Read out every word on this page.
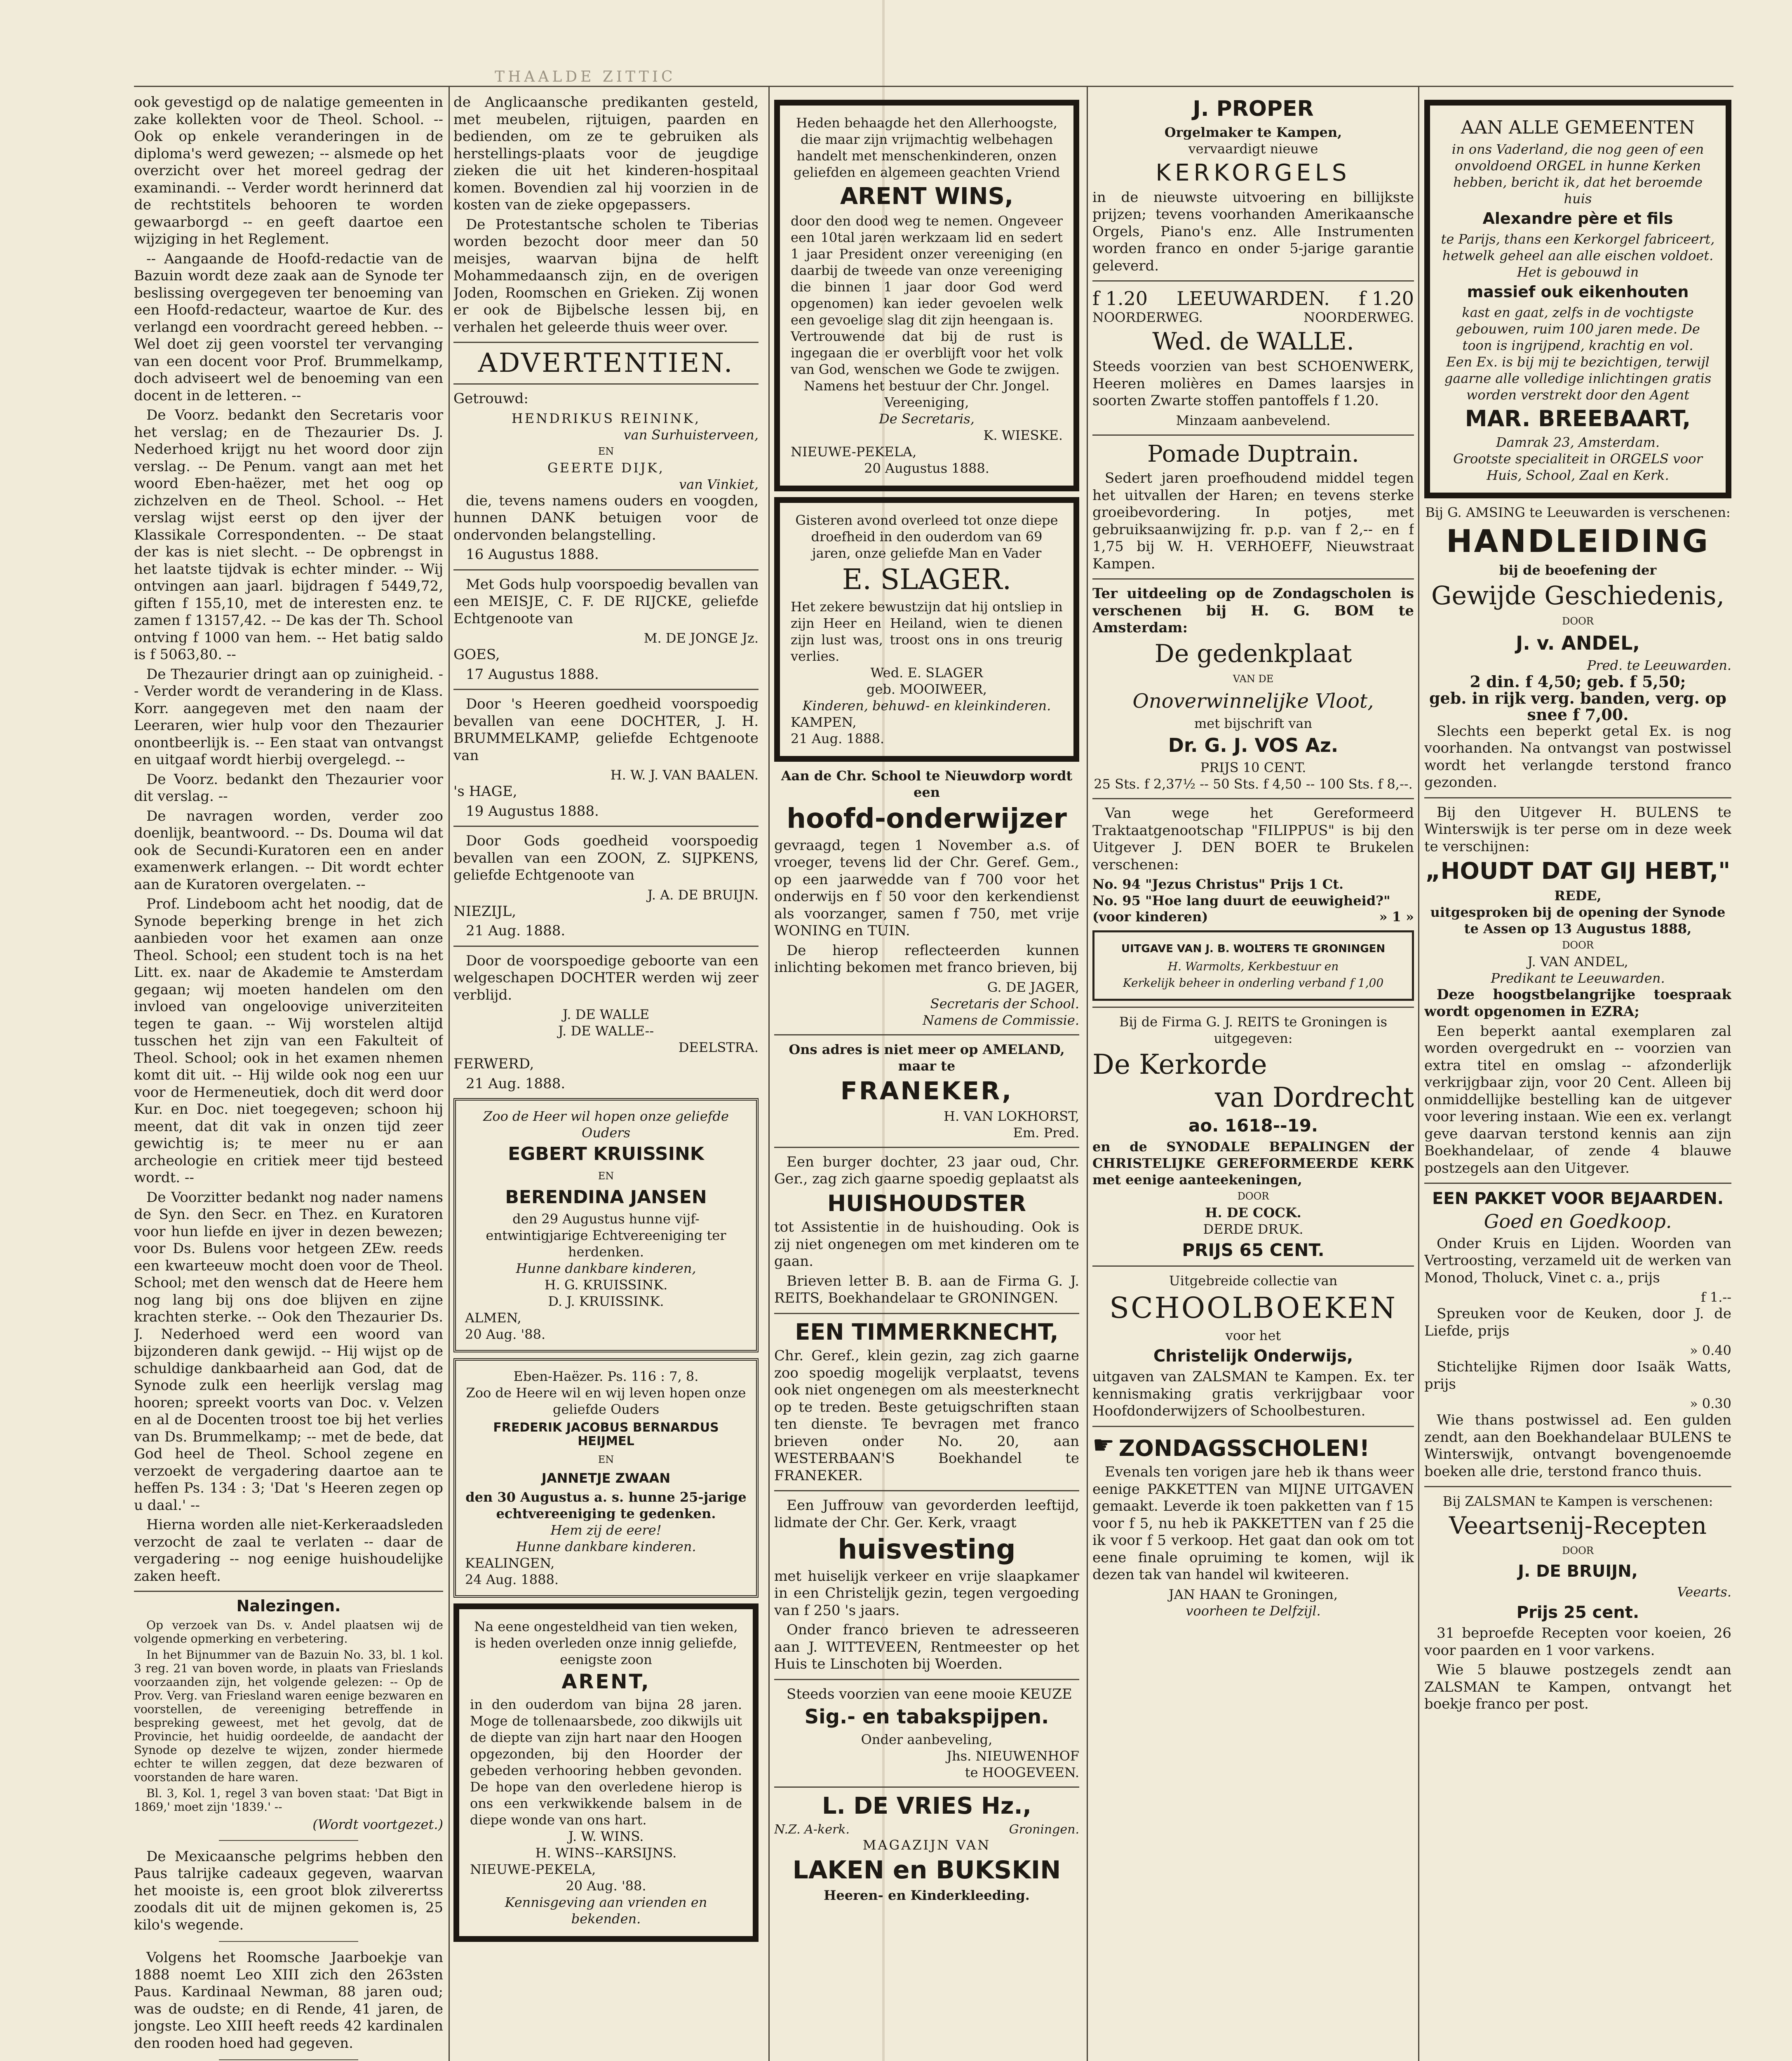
THAALDE ZITTIC

ook gevestigd op de nalatige gemeenten in zake kollekten voor de Theol. School. -- Ook op enkele veranderingen in de diploma's werd gewezen; -- alsmede op het overzicht over het moreel gedrag der examinandi. -- Verder wordt herinnerd dat de rechtstitels behooren te worden gewaarborgd -- en geeft daartoe een wijziging in het Reglement.

-- Aangaande de Hoofd-redactie van de Bazuin wordt deze zaak aan de Synode ter beslissing overgegeven ter benoeming van een Hoofd-redacteur, waartoe de Kur. des verlangd een voordracht gereed hebben. -- Wel doet zij geen voorstel ter vervanging van een docent voor Prof. Brummelkamp, doch adviseert wel de benoeming van een docent in de letteren. --

De Voorz. bedankt den Secretaris voor het verslag; en de Thezaurier Ds. J. Nederhoed krijgt nu het woord door zijn verslag. -- De Penum. vangt aan met het woord Eben-haëzer, met het oog op zichzelven en de Theol. School. -- Het verslag wijst eerst op den ijver der Klassikale Correspondenten. -- De staat der kas is niet slecht. -- De opbrengst in het laatste tijdvak is echter minder. -- Wij ontvingen aan jaarl. bijdragen f 5449,72, giften f 155,10, met de interesten enz. te zamen f 13157,42. -- De kas der Th. School ontving f 1000 van hem. -- Het batig saldo is f 5063,80. --

De Thezaurier dringt aan op zuinigheid. -- Verder wordt de verandering in de Klass. Korr. aangegeven met den naam der Leeraren, wier hulp voor den Thezaurier onontbeerlijk is. -- Een staat van ontvangst en uitgaaf wordt hierbij overgelegd. --

De Voorz. bedankt den Thezaurier voor dit verslag. --

De navragen worden, verder zoo doenlijk, beantwoord. -- Ds. Douma wil dat ook de Secundi-Kuratoren een en ander examenwerk erlangen. -- Dit wordt echter aan de Kuratoren overgelaten. --

Prof. Lindeboom acht het noodig, dat de Synode beperking brenge in het zich aanbieden voor het examen aan onze Theol. School; een student toch is na het Litt. ex. naar de Akademie te Amsterdam gegaan; wij moeten handelen om den invloed van ongeloovige univerziteiten tegen te gaan. -- Wij worstelen altijd tusschen het zijn van een Fakulteit of Theol. School; ook in het examen nhemen komt dit uit. -- Hij wilde ook nog een uur voor de Hermeneutiek, doch dit werd door Kur. en Doc. niet toegegeven; schoon hij meent, dat dit vak in onzen tijd zeer gewichtig is; te meer nu er aan archeologie en critiek meer tijd besteed wordt. --

De Voorzitter bedankt nog nader namens de Syn. den Secr. en Thez. en Kuratoren voor hun liefde en ijver in dezen bewezen; voor Ds. Bulens voor hetgeen ZEw. reeds een kwarteeuw mocht doen voor de Theol. School; met den wensch dat de Heere hem nog lang bij ons doe blijven en zijne krachten sterke. -- Ook den Thezaurier Ds. J. Nederhoed werd een woord van bijzonderen dank gewijd. -- Hij wijst op de schuldige dankbaarheid aan God, dat de Synode zulk een heerlijk verslag mag hooren; spreekt voorts van Doc. v. Velzen en al de Docenten troost toe bij het verlies van Ds. Brummelkamp; -- met de bede, dat God heel de Theol. School zegene en verzoekt de vergadering daartoe aan te heffen Ps. 134 : 3; 'Dat 's Heeren zegen op u daal.' --

Hierna worden alle niet-Kerkeraadsleden verzocht de zaal te verlaten -- daar de vergadering -- nog eenige huishoudelijke zaken heeft.

Nalezingen.

Op verzoek van Ds. v. Andel plaatsen wij de volgende opmerking en verbetering.

In het Bijnummer van de Bazuin No. 33, bl. 1 kol. 3 reg. 21 van boven worde, in plaats van Frieslands voorzaanden zijn, het volgende gelezen: -- Op de Prov. Verg. van Friesland waren eenige bezwaren en voorstellen, de vereeniging betreffende in bespreking geweest, met het gevolg, dat de Provincie, het huidig oordeelde, de aandacht der Synode op dezelve te wijzen, zonder hiermede echter te willen zeggen, dat deze bezwaren of voorstanden de hare waren.

Bl. 3, Kol. 1, regel 3 van boven staat: 'Dat Bigt in 1869,' moet zijn '1839.' --

(Wordt voortgezet.)

De Mexicaansche pelgrims hebben den Paus talrijke cadeaux gegeven, waarvan het mooiste is, een groot blok zilverertss zoodals dit uit de mijnen gekomen is, 25 kilo's wegende.

Volgens het Roomsche Jaarboekje van 1888 noemt Leo XIII zich den 263sten Paus. Kardinaal Newman, 88 jaren oud; was de oudste; en di Rende, 41 jaren, de jongste. Leo XIII heeft reeds 42 kardinalen den rooden hoed had gegeven.

de Anglicaansche predikanten gesteld, met meubelen, rijtuigen, paarden en bedienden, om ze te gebruiken als herstellings-plaats voor de jeugdige zieken die uit het kinderen-hospitaal komen. Bovendien zal hij voorzien in de kosten van de zieke opgepassers.

De Protestantsche scholen te Tiberias worden bezocht door meer dan 50 meisjes, waarvan bijna de helft Mohammedaansch zijn, en de overigen Joden, Roomschen en Grieken. Zij wonen er ook de Bijbelsche lessen bij, en verhalen het geleerde thuis weer over.

ADVERTENTIEN.

Getrouwd:

HENDRIKUS REININK,
van Surhuisterveen,
EN
GEERTE DIJK,
van Vinkiet,

die, tevens namens ouders en voogden, hunnen DANK betuigen voor de ondervonden belangstelling.

16 Augustus 1888.

Met Gods hulp voorspoedig bevallen van een MEISJE, C. F. DE RIJCKE, geliefde Echtgenoote van

M. DE JONGE Jz.

GOES,

17 Augustus 1888.

Door 's Heeren goedheid voorspoedig bevallen van eene DOCHTER, J. H. BRUMMELKAMP, geliefde Echtgenoote van

H. W. J. VAN BAALEN.

's HAGE,

19 Augustus 1888.

Door Gods goedheid voorspoedig bevallen van een ZOON, Z. SIJPKENS, geliefde Echtgenoote van

J. A. DE BRUIJN.

NIEZIJL,

21 Aug. 1888.

Door de voorspoedige geboorte van een welgeschapen DOCHTER werden wij zeer verblijd.

J. DE WALLE
J. DE WALLE--
DEELSTRA.

FERWERD,

21 Aug. 1888.

Zoo de Heer wil hopen onze geliefde Ouders
EGBERT KRUISSINK
EN
BERENDINA JANSEN
den 29 Augustus hunne vijf-entwintigjarige Echtvereeniging ter herdenken.
Hunne dankbare kinderen,
H. G. KRUISSINK.
D. J. KRUISSINK.
ALMEN,
20 Aug. '88.
Eben-Haëzer. Ps. 116 : 7, 8.
Zoo de Heere wil en wij leven hopen onze geliefde Ouders
FREDERIK JACOBUS BERNARDUS HEIJMEL
EN
JANNETJE ZWAAN
den 30 Augustus a. s. hunne 25-jarige echtvereeniging te gedenken.
Hem zij de eere!
Hunne dankbare kinderen.
KEALINGEN,
24 Aug. 1888.
Na eene ongesteldheid van tien weken, is heden overleden onze innig geliefde, eenigste zoon
ARENT,
in den ouderdom van bijna 28 jaren. Moge de tollenaarsbede, zoo dikwijls uit de diepte van zijn hart naar den Hoogen opgezonden, bij den Hoorder der gebeden verhooring hebben gevonden. De hope van den overledene hierop is ons een verkwikkende balsem in de diepe wonde van ons hart.
J. W. WINS.
H. WINS--KARSIJNS.
NIEUWE-PEKELA,
20 Aug. '88.
Kennisgeving aan vrienden en bekenden.
Heden behaagde het den Allerhoogste, die maar zijn vrijmachtig welbehagen handelt met menschenkinderen, onzen geliefden en algemeen geachten Vriend
ARENT WINS,
door den dood weg te nemen. Ongeveer een 10tal jaren werkzaam lid en sedert 1 jaar President onzer vereeniging (en daarbij de tweede van onze vereeniging die binnen 1 jaar door God werd opgenomen) kan ieder gevoelen welk een gevoelige slag dit zijn heengaan is.
Vertrouwende dat bij de rust is ingegaan die er overblijft voor het volk van God, wenschen we Gode te zwijgen.
Namens het bestuur der Chr. Jongel. Vereeniging,
De Secretaris,
K. WIESKE.
NIEUWE-PEKELA,
20 Augustus 1888.
Gisteren avond overleed tot onze diepe droefheid in den ouderdom van 69 jaren, onze geliefde Man en Vader
E. SLAGER.
Het zekere bewustzijn dat hij ontsliep in zijn Heer en Heiland, wien te dienen zijn lust was, troost ons in ons treurig verlies.
Wed. E. SLAGER
geb. MOOIWEER,
Kinderen, behuwd- en kleinkinderen.
KAMPEN,
21 Aug. 1888.
Aan de Chr. School te Nieuwdorp wordt een
hoofd-onderwijzer

gevraagd, tegen 1 November a.s. of vroeger, tevens lid der Chr. Geref. Gem., op een jaarwedde van f 700 voor het onderwijs en f 50 voor den kerkendienst als voorzanger, samen f 750, met vrije WONING en TUIN.

De hierop reflecteerden kunnen inlichting bekomen met franco brieven, bij

G. DE JAGER,
Secretaris der School.
Namens de Commissie.
Ons adres is niet meer op AMELAND, maar te
FRANEKER,
H. VAN LOKHORST,
Em. Pred.

Een burger dochter, 23 jaar oud, Chr. Ger., zag zich gaarne spoedig geplaatst als

HUISHOUDSTER

tot Assistentie in de huishouding. Ook is zij niet ongenegen om met kinderen om te gaan.

Brieven letter B. B. aan de Firma G. J. REITS, Boekhandelaar te GRONINGEN.

EEN TIMMERKNECHT,

Chr. Geref., klein gezin, zag zich gaarne zoo spoedig mogelijk verplaatst, tevens ook niet ongenegen om als meesterknecht op te treden. Beste getuigschriften staan ten dienste. Te bevragen met franco brieven onder No. 20, aan WESTERBAAN'S Boekhandel te FRANEKER.

Een Juffrouw van gevorderden leeftijd, lidmate der Chr. Ger. Kerk, vraagt

huisvesting

met huiselijk verkeer en vrije slaapkamer in een Christelijk gezin, tegen vergoeding van f 250 's jaars.

Onder franco brieven te adresseeren aan J. WITTEVEEN, Rentmeester op het Huis te Linschoten bij Woerden.

Steeds voorzien van eene mooie KEUZE

Sig.- en tabakspijpen.
Onder aanbeveling,
Jhs. NIEUWENHOF
te HOOGEVEEN.
L. DE VRIES Hz.,
N.Z. A-kerk.	Groningen.
MAGAZIJN VAN
LAKEN en BUKSKIN
Heeren- en Kinderkleeding.
J. PROPER
Orgelmaker te Kampen,
vervaardigt nieuwe
KERKORGELS

in de nieuwste uitvoering en billijkste prijzen; tevens voorhanden Amerikaansche Orgels, Piano's enz. Alle Instrumenten worden franco en onder 5-jarige garantie geleverd.

f 1.20 LEEUWARDEN. f 1.20
NOORDERWEG.	NOORDERWEG.
Wed. de WALLE.

Steeds voorzien van best SCHOENWERK, Heeren molières en Dames laarsjes in soorten Zwarte stoffen pantoffels f 1.20.

Minzaam aanbevelend.
Pomade Duptrain.

Sedert jaren proefhoudend middel tegen het uitvallen der Haren; en tevens sterke groeibevordering. In potjes, met gebruiksaanwijzing fr. p.p. van f 2,-- en f 1,75 bij W. H. VERHOEFF, Nieuwstraat Kampen.

Ter uitdeeling op de Zondagscholen is verschenen bij H. G. BOM te Amsterdam:

De gedenkplaat
VAN DE
Onoverwinnelijke Vloot,
met bijschrift van
Dr. G. J. VOS Az.
PRIJS 10 CENT.
25 Sts. f 2,37½ -- 50 Sts. f 4,50 -- 100 Sts. f 8,--.

Van wege het Gereformeerd Traktaatgenootschap "FILIPPUS" is bij den Uitgever J. DEN BOER te Brukelen verschenen:

No. 94 "Jezus Christus" Prijs 1 Ct.
No. 95 "Hoe lang duurt de eeuwigheid?"
(voor kinderen)	» 1 »
UITGAVE VAN J. B. WOLTERS TE GRONINGEN
H. Warmolts, Kerkbestuur en
Kerkelijk beheer in onderling verband f 1,00
Bij de Firma G. J. REITS te Groningen is uitgegeven:
De Kerkorde
van Dordrecht
ao. 1618--19.
en de SYNODALE BEPALINGEN der CHRISTELIJKE GEREFORMEERDE KERK met eenige aanteekeningen,
DOOR
H. DE COCK.
DERDE DRUK.
PRIJS 65 CENT.
Uitgebreide collectie van
SCHOOLBOEKEN
voor het
Christelijk Onderwijs,

uitgaven van ZALSMAN te Kampen. Ex. ter kennismaking gratis verkrijgbaar voor Hoofdonderwijzers of Schoolbesturen.

☛ ZONDAGSSCHOLEN!

Evenals ten vorigen jare heb ik thans weer eenige PAKKETTEN van MIJNE UITGAVEN gemaakt. Leverde ik toen pakketten van f 15 voor f 5, nu heb ik PAKKETTEN van f 25 die ik voor f 5 verkoop. Het gaat dan ook om tot eene finale opruiming te komen, wijl ik dezen tak van handel wil kwiteeren.

JAN HAAN te Groningen,
voorheen te Delfzijl.
AAN ALLE GEMEENTEN
in ons Vaderland, die nog geen of een onvoldoend ORGEL in hunne Kerken hebben, bericht ik, dat het beroemde huis
Alexandre père et fils
te Parijs, thans een Kerkorgel fabriceert, hetwelk geheel aan alle eischen voldoet. Het is gebouwd in
massief ouk eikenhouten
kast en gaat, zelfs in de vochtigste gebouwen, ruim 100 jaren mede. De toon is ingrijpend, krachtig en vol.
Een Ex. is bij mij te bezichtigen, terwijl gaarne alle volledige inlichtingen gratis worden verstrekt door den Agent
MAR. BREEBAART,
Damrak 23, Amsterdam.
Grootste specialiteit in ORGELS voor Huis, School, Zaal en Kerk.
Bij G. AMSING te Leeuwarden is verschenen:
HANDLEIDING
bij de beoefening der
Gewijde Geschiedenis,
DOOR
J. v. ANDEL,
Pred. te Leeuwarden.
2 din. f 4,50; geb. f 5,50;
geb. in rijk verg. banden, verg. op snee f 7,00.

Slechts een beperkt getal Ex. is nog voorhanden. Na ontvangst van postwissel wordt het verlangde terstond franco gezonden.

Bij den Uitgever H. BULENS te Winterswijk is ter perse om in deze week te verschijnen:

„HOUDT DAT GIJ HEBT,"
REDE,
uitgesproken bij de opening der Synode te Assen op 13 Augustus 1888,
DOOR
J. VAN ANDEL,
Predikant te Leeuwarden.

Deze hoogstbelangrijke toespraak wordt opgenomen in EZRA;

Een beperkt aantal exemplaren zal worden overgedrukt en -- voorzien van extra titel en omslag -- afzonderlijk verkrijgbaar zijn, voor 20 Cent. Alleen bij onmiddellijke bestelling kan de uitgever voor levering instaan. Wie een ex. verlangt geve daarvan terstond kennis aan zijn Boekhandelaar, of zende 4 blauwe postzegels aan den Uitgever.

EEN PAKKET VOOR BEJAARDEN.
Goed en Goedkoop.

Onder Kruis en Lijden. Woorden van Vertroosting, verzameld uit de werken van Monod, Tholuck, Vinet c. a., prijs

f 1.--

Spreuken voor de Keuken, door J. de Liefde, prijs

» 0.40

Stichtelijke Rijmen door Isaäk Watts, prijs

» 0.30

Wie thans postwissel ad. Een gulden zendt, aan den Boekhandelaar BULENS te Winterswijk, ontvangt bovengenoemde boeken alle drie, terstond franco thuis.

Bij ZALSMAN te Kampen is verschenen:
Veeartsenij-Recepten
DOOR
J. DE BRUIJN,
Veearts.
Prijs 25 cent.

31 beproefde Recepten voor koeien, 26 voor paarden en 1 voor varkens.

Wie 5 blauwe postzegels zendt aan ZALSMAN te Kampen, ontvangt het boekje franco per post.
